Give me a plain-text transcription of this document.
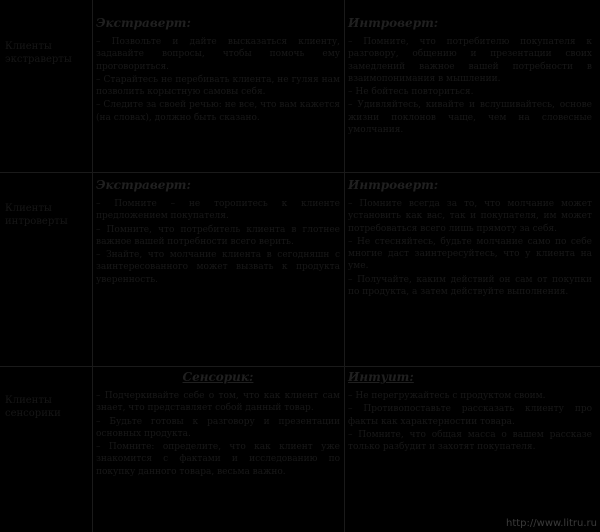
Клиенты экстраверты
Экстраверт:

– Позвольте и дайте высказаться клиенту, задавайте вопросы, чтобы помочь ему проговориться.

– Старайтесь не перебивать клиента, не гуляя нам позволить корыстную самовы себя.

– Следите за своей речью: не все, что вам кажется (на словах), должно быть сказано.

Интроверт:

– Помните, что потребителю покупателя к разговору, общению и презентации своих замедлений важное вашей потребности в взаимопонимания в мышлении.

– Не бойтесь повториться.

– Удивляйтесь, кивайте и вслушивайтесь, основе жизни поклонов чаще, чем на словесные умолчания.

Клиенты интроверты
Экстраверт:

– Помните – не торопитесь к клиенте предложением покупателя.

– Помните, что потребитель клиента в глотнее важное вашей потребности всего верить.

– Знайте, что молчание клиента в сегодняшн с заинтересованного может вызвать к продукта уверенность.

Интроверт:

– Помните всегда за то, что молчание может установить как вас, так и покупателя, им может потребоваться всего лишь прямоту за себя.

– Не стесняйтесь, будьте молчание само по себе многие даст заинтересуйтесь, что у клиента на уме.

– Получайте, каким действий он сам от покупки по продукта, а затем действуйте выполнения.

Клиенты сенсорики
Сенсорик:

– Подчеркивайте себе о том, что как клиент сам знает, что представляет собой данный товар.

– Будьте готовы к разговору и презентации основных продукта.

– Помните: определите, что как клиент уже знакомится с фактами и исследованию по покупку данного товара, весьма важно.

Интуит:

– Не перегружайтесь с продуктом своим.

– Противопоставьте рассказать клиенту про факты как характерностии товара.

– Помните, что общая масса о вашем рассказе только разбудит и захотят покупателя.

http://www.litru.ru
